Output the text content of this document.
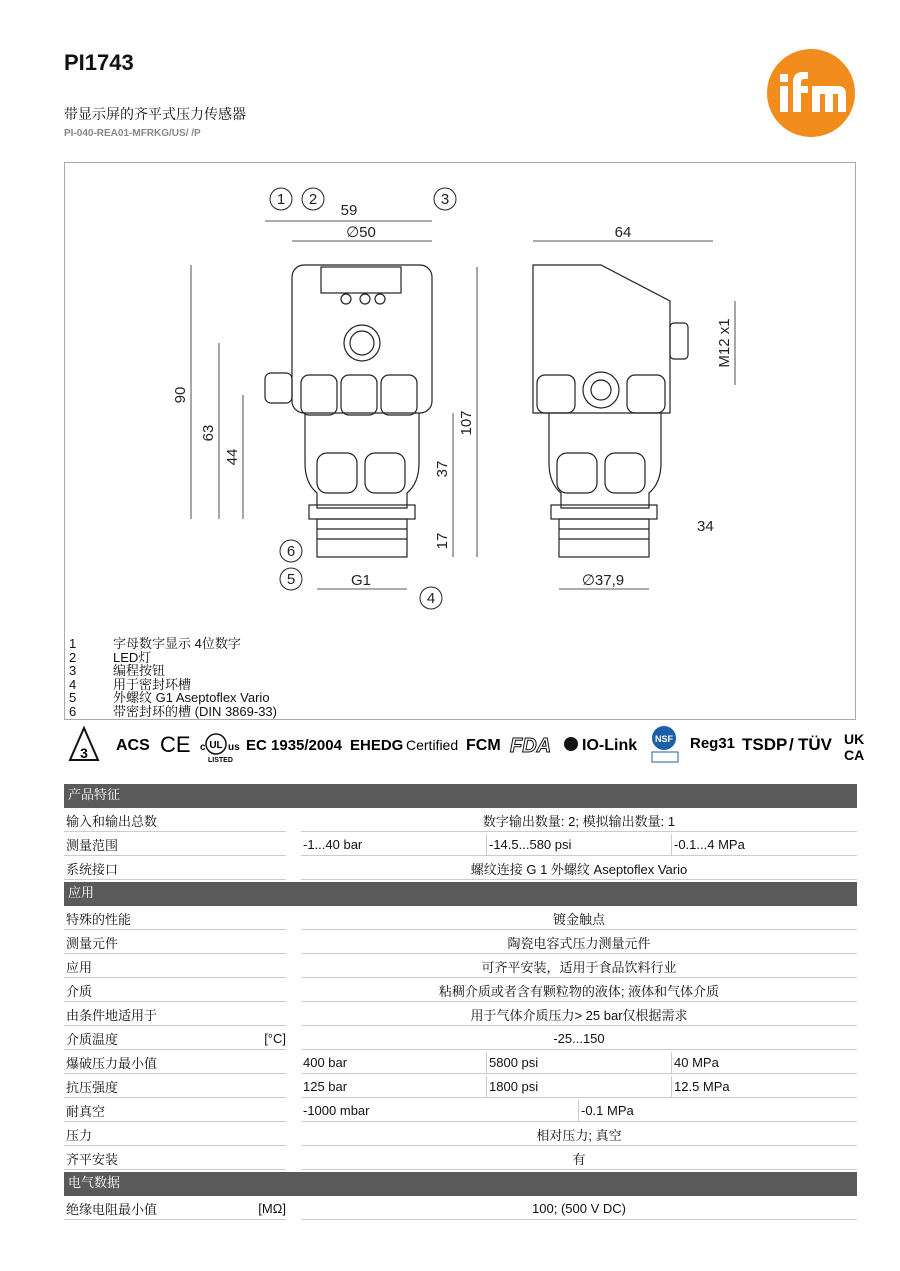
PI1743
带显示屏的齐平式压力传感器
PI-040-REA01-MFRKG/US/ /P
59
∅50	64
90
63
44
107
37
17
G1	∅37,9
34
M12 x1
1 2	3
4
5
6
1	字母数字显示 4位数字
2	LED灯
3	编程按钮
4	用于密封环槽
5	外螺纹 G1 Aseptoflex Vario
6	带密封环的槽 (DIN 3869-33)
3 ACS CE c UL us
LISTED
EC 1935/2004 EHEDG Certified FCM FDA IO-Link NSF Reg31 TSDP / TÜV UK
CA
产品特征
输入和输出总数	数字输出数量: 2; 模拟输出数量: 1
测量范围	-1...40 bar	-14.5...580 psi	-0.1...4 MPa
系统接口	螺纹连接 G 1 外螺纹 Aseptoflex Vario
应用
特殊的性能	镀金触点
测量元件	陶瓷电容式压力测量元件
应用	可齐平安装，适用于食品饮料行业
介质	粘稠介质或者含有颗粒物的液体; 液体和气体介质
由条件地适用于	用于气体介质压力> 25 bar仅根据需求
介质温度	[°C]	-25...150
爆破压力最小值	400 bar	5800 psi	40 MPa
抗压强度	125 bar	1800 psi	12.5 MPa
耐真空	-1000 mbar	-0.1 MPa
压力	相对压力; 真空
齐平安装	有
电气数据
绝缘电阻最小值	[MΩ]	100; (500 V DC)
